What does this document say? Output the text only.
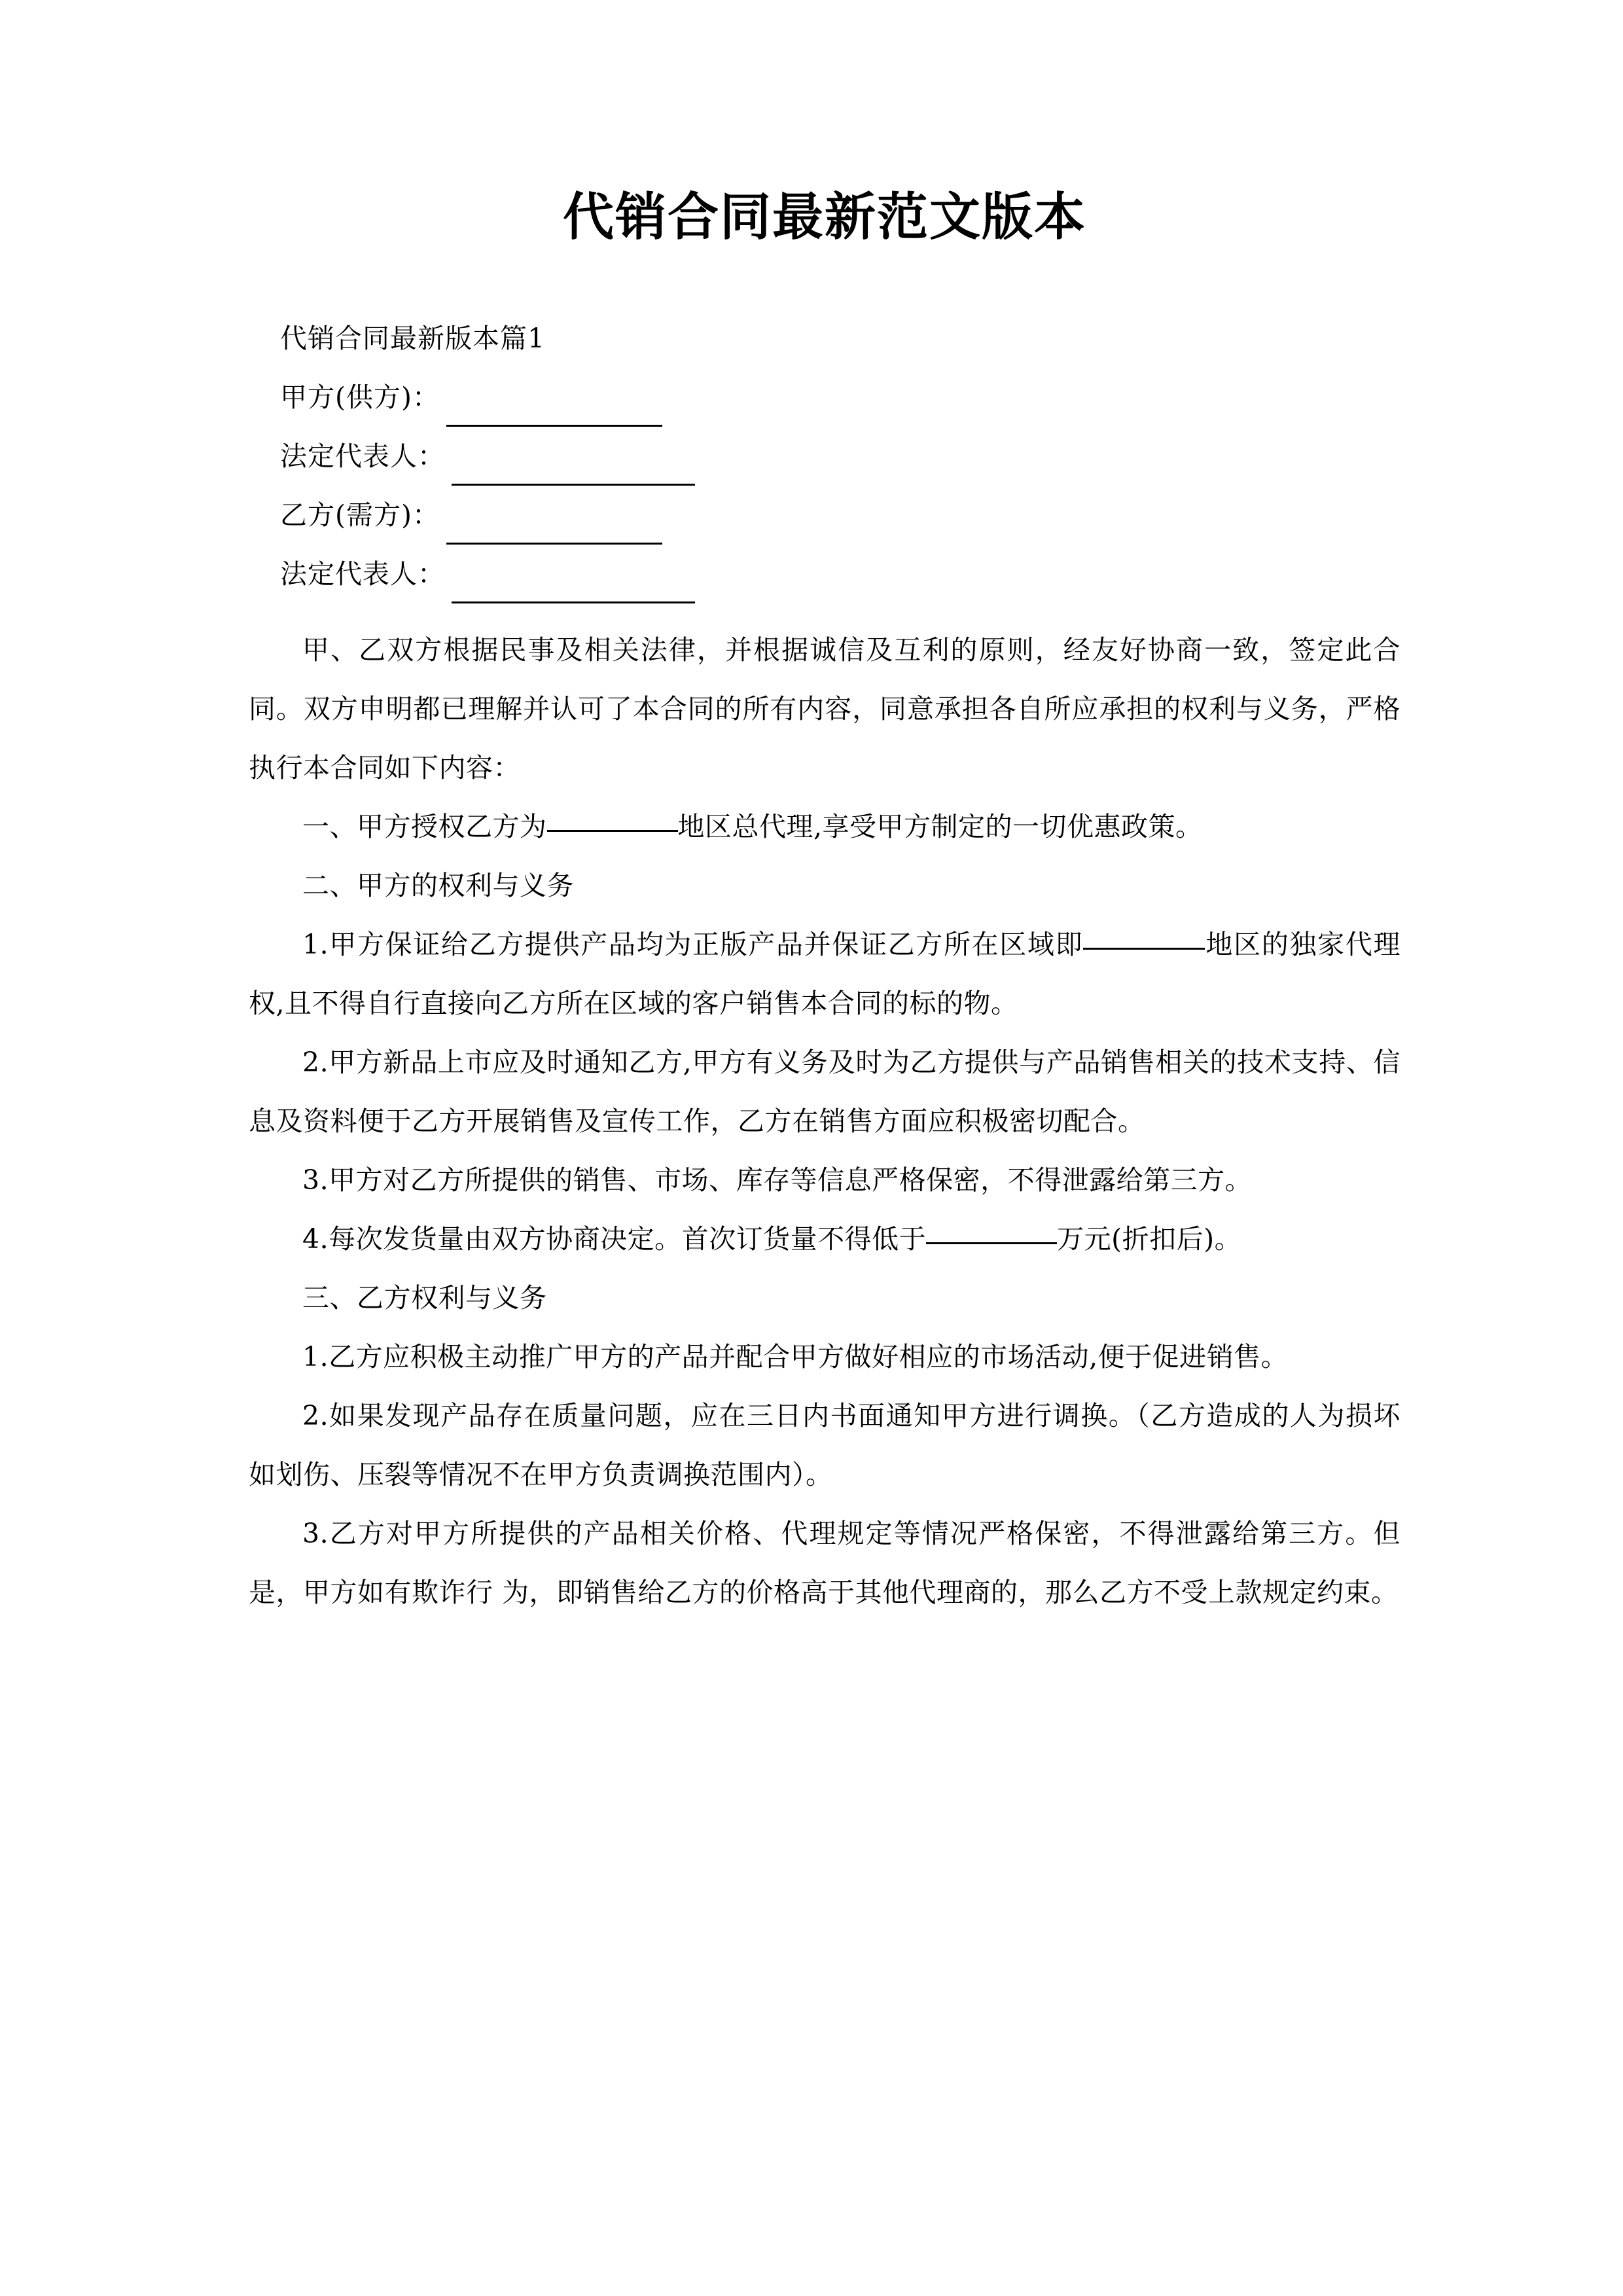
代销合同最新范文版本

代销合同最新版本篇1

甲方(供方)：
法定代表人：
乙方(需方)：
法定代表人：

甲、乙双方根据民事及相关法律，并根据诚信及互利的原则，经友好协商一致，签定此合同。双方申明都已理解并认可了本合同的所有内容，同意承担各自所应承担的权利与义务，严格执行本合同如下内容：

一、甲方授权乙方为	地区总代理,享受甲方制定的一切优惠政策。

二、甲方的权利与义务

1.甲方保证给乙方提供产品均为正版产品并保证乙方所在区域即	地区的独家代理权,且不得自行直接向乙方所在区域的客户销售本合同的标的物。

2.甲方新品上市应及时通知乙方,甲方有义务及时为乙方提供与产品销售相关的技术支持、信息及资料便于乙方开展销售及宣传工作，乙方在销售方面应积极密切配合。

3.甲方对乙方所提供的销售、市场、库存等信息严格保密，不得泄露给第三方。

4.每次发货量由双方协商决定。首次订货量不得低于	万元(折扣后)。

三、乙方权利与义务

1.乙方应积极主动推广甲方的产品并配合甲方做好相应的市场活动,便于促进销售。

2.如果发现产品存在质量问题，应在三日内书面通知甲方进行调换。（乙方造成的人为损坏如划伤、压裂等情况不在甲方负责调换范围内）。

3.乙方对甲方所提供的产品相关价格、代理规定等情况严格保密，不得泄露给第三方。但是，甲方如有欺诈行 为，即销售给乙方的价格高于其他代理商的，那么乙方不受上款规定约束。
